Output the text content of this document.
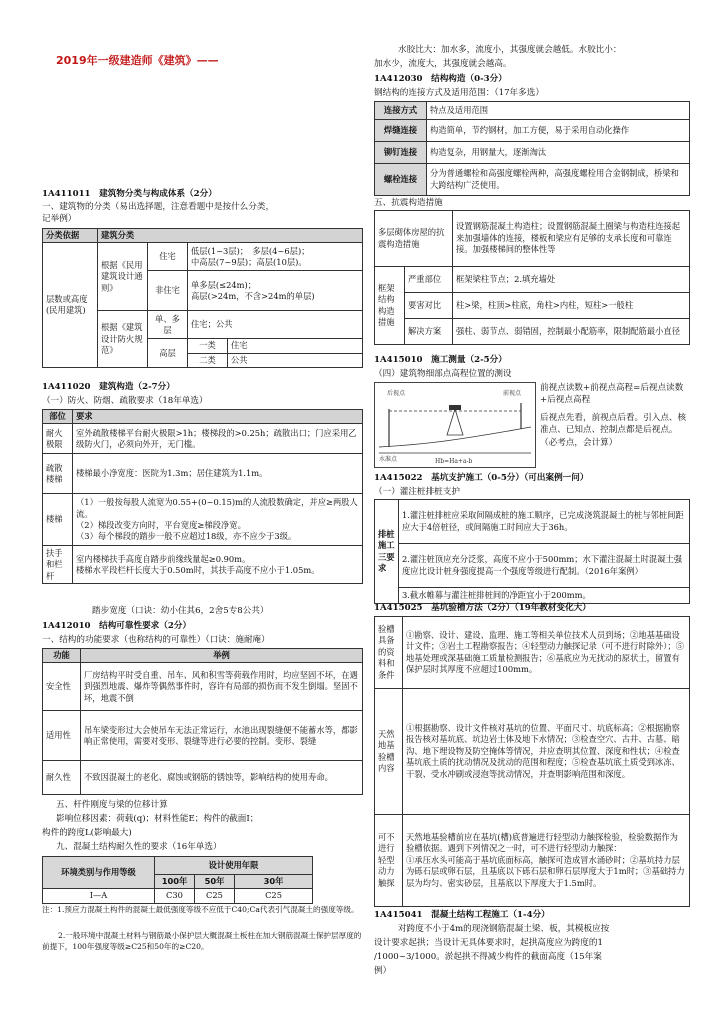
2019年一级建造师《建筑》——
1A411011　建筑物分类与构成体系（2分）
一、建筑物的分类（易出选择题，注意看题中是按什么分类，
记举例）
分类依据	建筑分类			
层数或高度(民用建筑)	根据《民用建筑设计通则》	住宅	低层(1~3层)；　多层(4~6层)；
中高层(7~9层)；高层(10层)。	

		非住宅	单多层(≤24m)；
高层(>24m，不含>24m的单层)	

	根据《建筑设计防火规范》	单、多层	住宅；公共	
		高层	一类	住宅
			二类	公共
1A411020　建筑构造（2-7分）
（一）防火、防烟、疏散要求（18年单选）
部位	要求
耐火极限	室外疏散楼梯平台耐火极限>1h；楼梯段的>0.25h；疏散出口；门应采用乙级防火门，必须向外开，无门槛。
疏散楼梯	楼梯最小净宽度：医院为1.3m；居住建筑为1.1m。
楼梯	（1）一般按每股人流宽为0.55+(0~0.15)m的人流股数确定，并应≥两股人流。
（2）梯段改变方向时，平台宽度≥梯段净宽。
（3）每个梯段的踏步一般不应超过18级，亦不应少于3级。

扶手和栏杆	室内楼梯扶手高度自踏步前缘线量起≥0.90m。
楼梯水平段栏杆长度大于0.50m时，其扶手高度不应小于1.05m。
踏步宽度（口诀：幼小住其6，2舍5专8公共）
1A412010　结构可靠性要求（2分）
一、结构的功能要求（也称结构的可靠性）（口诀：施耐庵）
功能	举例
安全性	厂房结构平时受自重、吊车、风和积雪等荷载作用时，均应坚固不坏，在遇到强烈地震、爆炸等偶然事件时，容许有局部的损伤而不发生倒塌。坚固不坏，地震不倒
适用性	吊车梁变形过大会使吊车无法正常运行，水池出现裂缝便不能蓄水等，都影响正常使用，需要对变形、裂缝等进行必要的控制。变形、裂缝
耐久性	不致因混凝土的老化、腐蚀或钢筋的锈蚀等，影响结构的使用寿命。
五、杆件刚度与梁的位移计算
影响位移因素：荷载(q)；材料性能E；构件的截面I；
构件的跨度L(影响最大)
九、混凝土结构耐久性的要求（16年单选）
环境类别与作用等级	设计使用年限		
	100年	50年	30年
I—A	C30	C25	C25
注：1.预应力混凝土构件的混凝土最低强度等级不应低于C40;Ca代表引气混凝土的强度等级。
2.一般环境中混凝土材料与钢筋最小保护层大概混凝土板柱在加大钢筋混凝土保护层厚度的前提下，100年强度等级≥C25和50年的≥C20。
水胶比大：加水多，流度小，其强度就会越低。水胶比小：
加水少，流度大，其强度就会越高。
1A412030　结构构造（0-3分）
钢结构的连接方式及适用范围：（17年多选）
连接方式	特点及适用范围
焊缝连接	构造简单，节约钢材，加工方便，易于采用自动化操作
铆钉连接	构造复杂，用钢量大，逐渐淘汰
螺栓连接	分为普通螺栓和高强度螺栓两种，高强度螺栓用合金钢制成，桥梁和大跨结构广泛使用。
五、抗震构造措施
多层砌体房屋的抗震构造措施		设置钢筋混凝土构造柱；设置钢筋混凝土圈梁与构造柱连接起来加强墙体的连接，楼板和梁应有足够的支承长度和可靠连接。加强楼梯间的整体性等
框架结构构造措施	严重部位	框架梁柱节点；2.填充墙处
	要害对比	柱>梁，柱顶>柱底，角柱>内柱，短柱>一般柱
	解决方案	强柱、弱节点、弱错固，控制最小配筋率，限制配筋最小直径
1A415010　施工测量（2-5分）
（四）建筑物细部点高程位置的测设
后视点	前视点
水准点	Hb=Ha+a-b
前视点读数+前视点高程=后视点读数+后视点高程
后视点先看，前视点后看。引入点、核准点、已知点、控制点都是后视点。（必考点，会计算）
1A415022　基坑支护施工（0-5分）（可出案例一问）
（一）灌注桩排桩支护
排桩施工三要求	1.灌注桩排桩应采取间隔成桩的施工顺序，已完成浇筑混凝土的桩与邻桩间距应大于4倍桩径，或间隔施工时间应大于36h。
2.灌注桩顶应充分泛浆，高度不应小于500mm；水下灌注混凝土时混凝土强度应比设计桩身强度提高一个强度等级进行配制。（2016年案例）
3.截水帷幕与灌注桩排桩间的净距宜小于200mm。
1A415025　基坑验槽方法（2分）（19年教材变化大）
验槽具备的资料和条件	①勘察、设计、建设、监理、施工等相关单位技术人员到场；②地基基础设计文件；③岩土工程勘察报告；④轻型动力触探记录（可不进行时除外）；⑤地基处理或深基础施工质量检测报告；⑥基底应为无扰动的原状土，留置有保护层时其厚度不应超过100mm。
天然地基验槽内容	①根据勘察、设计文件核对基坑的位置、平面尺寸、坑底标高；②根据勘察报告核对基坑底、坑边岩土体及地下水情况；③检查空穴、古井、古墓、暗沟、地下埋设物及防空掩体等情况，并应查明其位置、深度和性状；④检查基坑底土质的扰动情况及扰动的范围和程度；⑤检查基坑底土质受到冰冻、干裂、受水冲刷或浸泡等扰动情况，并查明影响范围和深度。
可不进行轻型动力触探	天然地基验槽前应在基坑(槽)底普遍进行轻型动力触探检验，检验数据作为验槽依据。遇到下列情况之一时，可不进行轻型动力触探：
①承压水头可能高于基坑底面标高，触探可造成冒水涌砂时；②基坑持力层为砾石层或卵石层，且基底以下砾石层和卵石层厚度大于1m时；③基础持力层为均匀、密实砂层，且基底以下厚度大于1.5m时。
1A415041　混凝土结构工程施工（1-4分）
对跨度不小于4m的现浇钢筋混凝土梁、板，其模板应按
设计要求起拱；当设计无具体要求时，起拱高度应为跨度的1
/1000~3/1000。淤起拱不得减少构件的截面高度（15年案
例）
